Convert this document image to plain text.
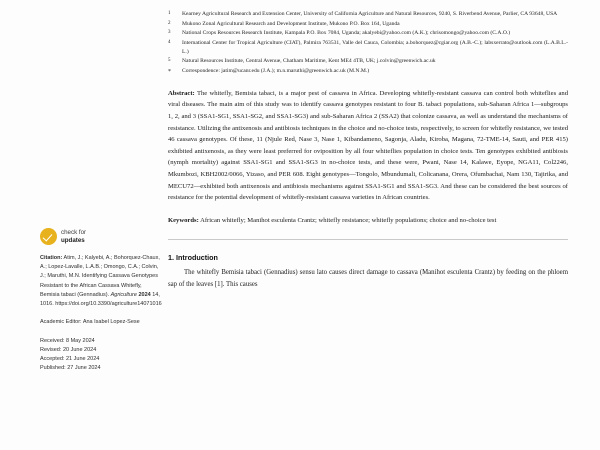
check for
updates
Citation: Atim, J.; Kalyebi, A.; Bohorquez-Chaux, A.; Lopez-Lavalle, L.A.B.; Omongo, C.A.; Colvin, J.; Maruthi, M.N. Identifying Cassava Genotypes Resistant to the African Cassava Whitefly, Bemisia tabaci (Gennadius). Agriculture 2024 14, 1016. https://doi.org/10.3390/agriculture14071016
Academic Editor: Ana Isabel Lopez-Sese
Received: 8 May 2024
Revised: 20 June 2024
Accepted: 21 June 2024
Published: 27 June 2024
1 Kearney Agricultural Research and Extension Center, University of California Agriculture and Natural Resources, 9240, S. Riverbend Avenue, Parlier, CA 93648, USA
2 Mukono Zonal Agricultural Research and Development Institute, Mukono P.O. Box 164, Uganda
3 National Crops Resources Research Institute, Kampala P.O. Box 7084, Uganda; akalyebi@yahoo.com (A.K.); chrisomongo@yahoo.com (C.A.O.)
4 International Center for Tropical Agriculture (CIAT), Palmira 763531, Valle del Cauca, Colombia; a.bohorquez@cgiar.org (A.B.-C.); labsxerrato@outlook.com (L.A.B.L.-L.)
5 Natural Resources Institute, Central Avenue, Chatham Maritime, Kent ME4 4TB, UK; j.colvin@greenwich.ac.uk
* Correspondence: jatim@ucanr.edu (J.A.); m.n.maruthi@greenwich.ac.uk (M.N.M.)
Abstract: The whitefly, Bemisia tabaci, is a major pest of cassava in Africa. Developing whitefly-resistant cassava can control both whiteflies and viral diseases. The main aim of this study was to identify cassava genotypes resistant to four B. tabaci populations, sub-Saharan Africa 1—subgroups 1, 2, and 3 (SSA1-SG1, SSA1-SG2, and SSA1-SG3) and sub-Saharan Africa 2 (SSA2) that colonize cassava, as well as understand the mechanisms of resistance. Utilizing the antixenosis and antibiosis techniques in the choice and no-choice tests, respectively, to screen for whitefly resistance, we tested 46 cassava genotypes. Of these, 11 (Njule Red, Nase 3, Nase 1, Kibandameno, Sagonja, Aladu, Kiroba, Magana, 72-TME-14, Sauti, and PER 415) exhibited antixenosis, as they were least preferred for oviposition by all four whiteflies population in choice tests. Ten genotypes exhibited antibiosis (nymph mortality) against SSA1-SG1 and SSA1-SG3 in no-choice tests, and these were, Pwani, Nase 14, Kalawe, Eyope, NGA11, Col2246, Mkumbozi, KBH2002/0066, Yizaso, and PER 608. Eight genotypes—Tongolo, Mbundumali, Colicanana, Orera, Ofumbachai, Nam 130, Tajirika, and MECU72—exhibited both antixenosis and antibiosis mechanisms against SSA1-SG1 and SSA1-SG3. And these can be considered the best sources of resistance for the potential development of whitefly-resistant cassava varieties in African countries.
Keywords: African whitefly; Manihot esculenta Crantz; whitefly resistance; whitefly populations; choice and no-choice test
1. Introduction
The whitefly Bemisia tabaci (Gennadius) sensu lato causes direct damage to cassava (Manihot esculenta Crantz) by feeding on the phloem sap of the leaves [1]. This causes
